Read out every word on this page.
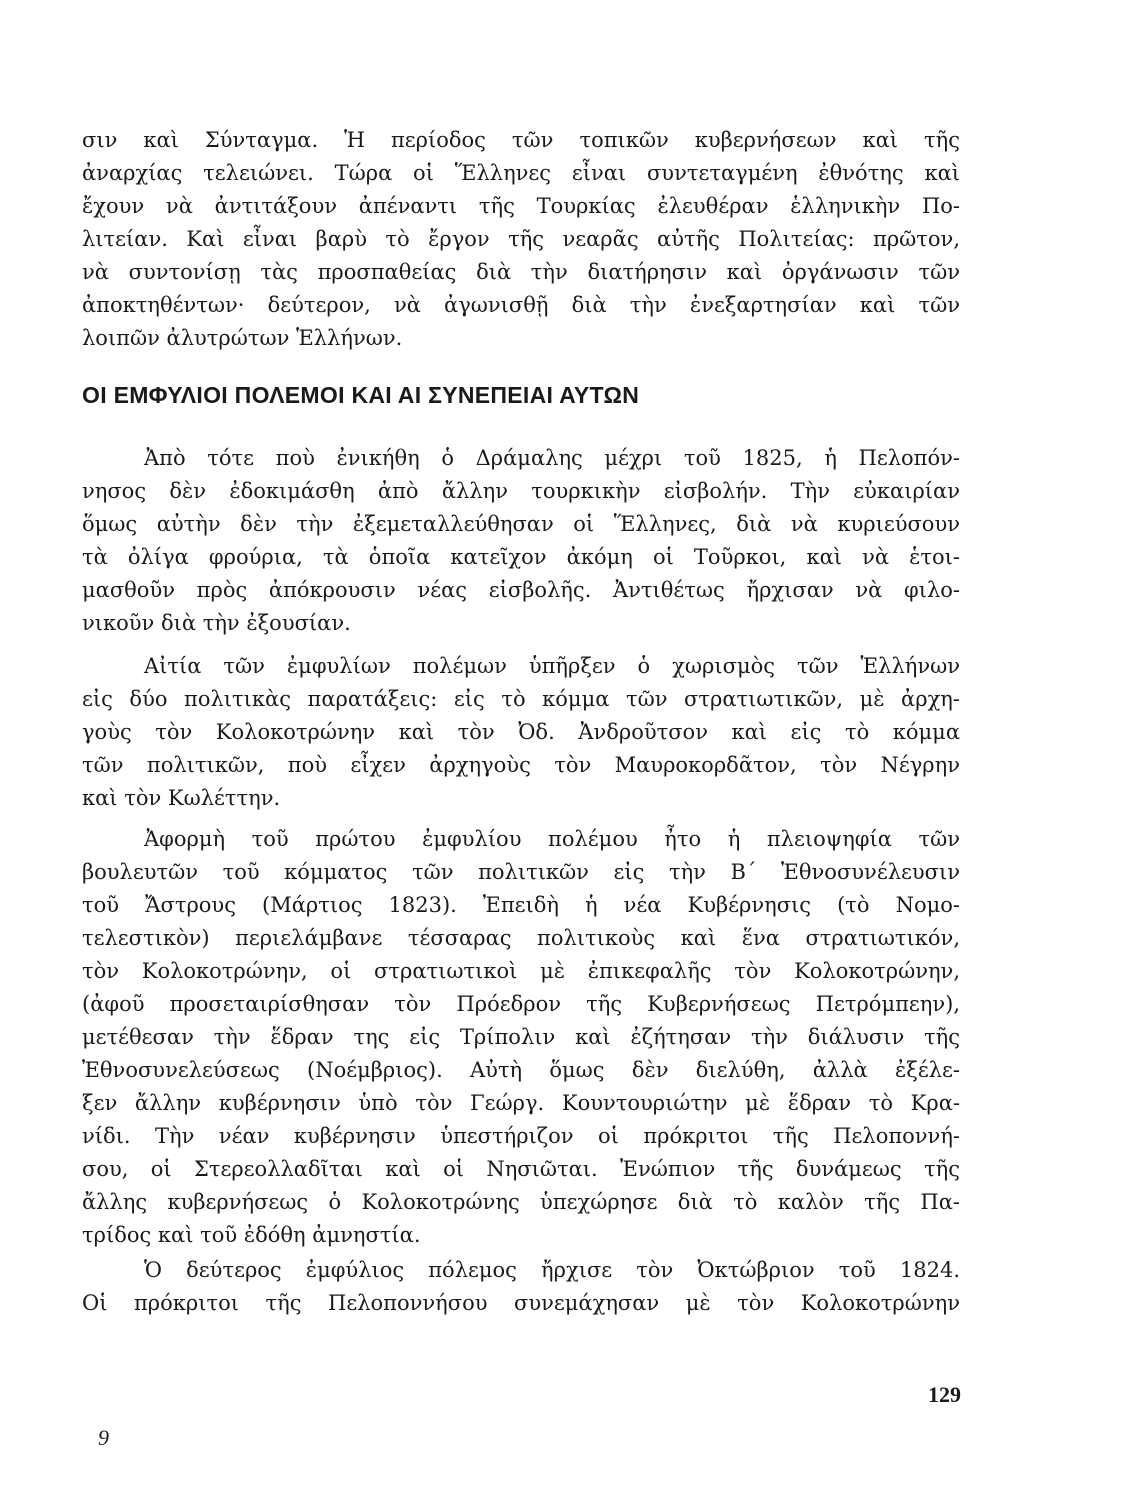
σιν καὶ Σύνταγμα. Ἡ περίοδος τῶν τοπικῶν κυβερνήσεων καὶ τῆς
ἀναρχίας τελειώνει. Τώρα οἱ Ἕλληνες εἶναι συντεταγμένη ἐθνότης καὶ
ἔχουν νὰ ἀντιτάξουν ἀπέναντι τῆς Τουρκίας ἐλευθέραν ἑλληνικὴν Πο-
λιτείαν. Καὶ εἶναι βαρὺ τὸ ἔργον τῆς νεαρᾶς αὐτῆς Πολιτείας: πρῶτον,
νὰ συντονίσῃ τὰς προσπαθείας διὰ τὴν διατήρησιν καὶ ὀργάνωσιν τῶν
ἀποκτηθέντων· δεύτερον, νὰ ἀγωνισθῇ διὰ τὴν ἐνεξαρτησίαν καὶ τῶν
λοιπῶν ἀλυτρώτων Ἑλλήνων.
ΟΙ ΕΜΦΥΛΙΟΙ ΠΟΛΕΜΟΙ ΚΑΙ ΑΙ ΣΥΝΕΠΕΙΑΙ ΑΥΤΩΝ
Ἀπὸ τότε ποὺ ἐνικήθη ὁ Δράμαλης μέχρι τοῦ 1825, ἡ Πελοπόν-
νησος δὲν ἐδοκιμάσθη ἀπὸ ἄλλην τουρκικὴν εἰσβολήν. Τὴν εὐκαιρίαν
ὅμως αὐτὴν δὲν τὴν ἐξεμεταλλεύθησαν οἱ Ἕλληνες, διὰ νὰ κυριεύσουν
τὰ ὀλίγα φρούρια, τὰ ὁποῖα κατεῖχον ἀκόμη οἱ Τοῦρκοι, καὶ νὰ ἑτοι-
μασθοῦν πρὸς ἀπόκρουσιν νέας εἰσβολῆς. Ἀντιθέτως ἤρχισαν νὰ φιλο-
νικοῦν διὰ τὴν ἐξουσίαν.
Αἰτία τῶν ἐμφυλίων πολέμων ὑπῆρξεν ὁ χωρισμὸς τῶν Ἑλλήνων
εἰς δύο πολιτικὰς παρατάξεις: εἰς τὸ κόμμα τῶν στρατιωτικῶν, μὲ ἀρχη-
γοὺς τὸν Κολοκοτρώνην καὶ τὸν Ὀδ. Ἀνδροῦτσον καὶ εἰς τὸ κόμμα
τῶν πολιτικῶν, ποὺ εἶχεν ἀρχηγοὺς τὸν Μαυροκορδᾶτον, τὸν Νέγρην
καὶ τὸν Κωλέττην.
Ἀφορμὴ τοῦ πρώτου ἐμφυλίου πολέμου ἦτο ἡ πλειοψηφία τῶν
βουλευτῶν τοῦ κόμματος τῶν πολιτικῶν εἰς τὴν Β΄ Ἐθνοσυνέλευσιν
τοῦ Ἄστρους (Μάρτιος 1823). Ἐπειδὴ ἡ νέα Κυβέρνησις (τὸ Νομο-
τελεστικὸν) περιελάμβανε τέσσαρας πολιτικοὺς καὶ ἕνα στρατιωτικόν,
τὸν Κολοκοτρώνην, οἱ στρατιωτικοὶ μὲ ἐπικεφαλῆς τὸν Κολοκοτρώνην,
(ἀφοῦ προσεταιρίσθησαν τὸν Πρόεδρον τῆς Κυβερνήσεως Πετρόμπεην),
μετέθεσαν τὴν ἕδραν της εἰς Τρίπολιν καὶ ἐζήτησαν τὴν διάλυσιν τῆς
Ἐθνοσυνελεύσεως (Νοέμβριος). Αὐτὴ ὅμως δὲν διελύθη, ἀλλὰ ἐξέλε-
ξεν ἄλλην κυβέρνησιν ὑπὸ τὸν Γεώργ. Κουντουριώτην μὲ ἕδραν τὸ Κρα-
νίδι. Τὴν νέαν κυβέρνησιν ὑπεστήριζον οἱ πρόκριτοι τῆς Πελοποννή-
σου, οἱ Στερεολλαδῖται καὶ οἱ Νησιῶται. Ἐνώπιον τῆς δυνάμεως τῆς
ἄλλης κυβερνήσεως ὁ Κολοκοτρώνης ὑπεχώρησε διὰ τὸ καλὸν τῆς Πα-
τρίδος καὶ τοῦ ἐδόθη ἀμνηστία.
Ὁ δεύτερος ἐμφύλιος πόλεμος ἤρχισε τὸν Ὀκτώβριον τοῦ 1824.
Οἱ πρόκριτοι τῆς Πελοποννήσου συνεμάχησαν μὲ τὸν Κολοκοτρώνην
129
9
